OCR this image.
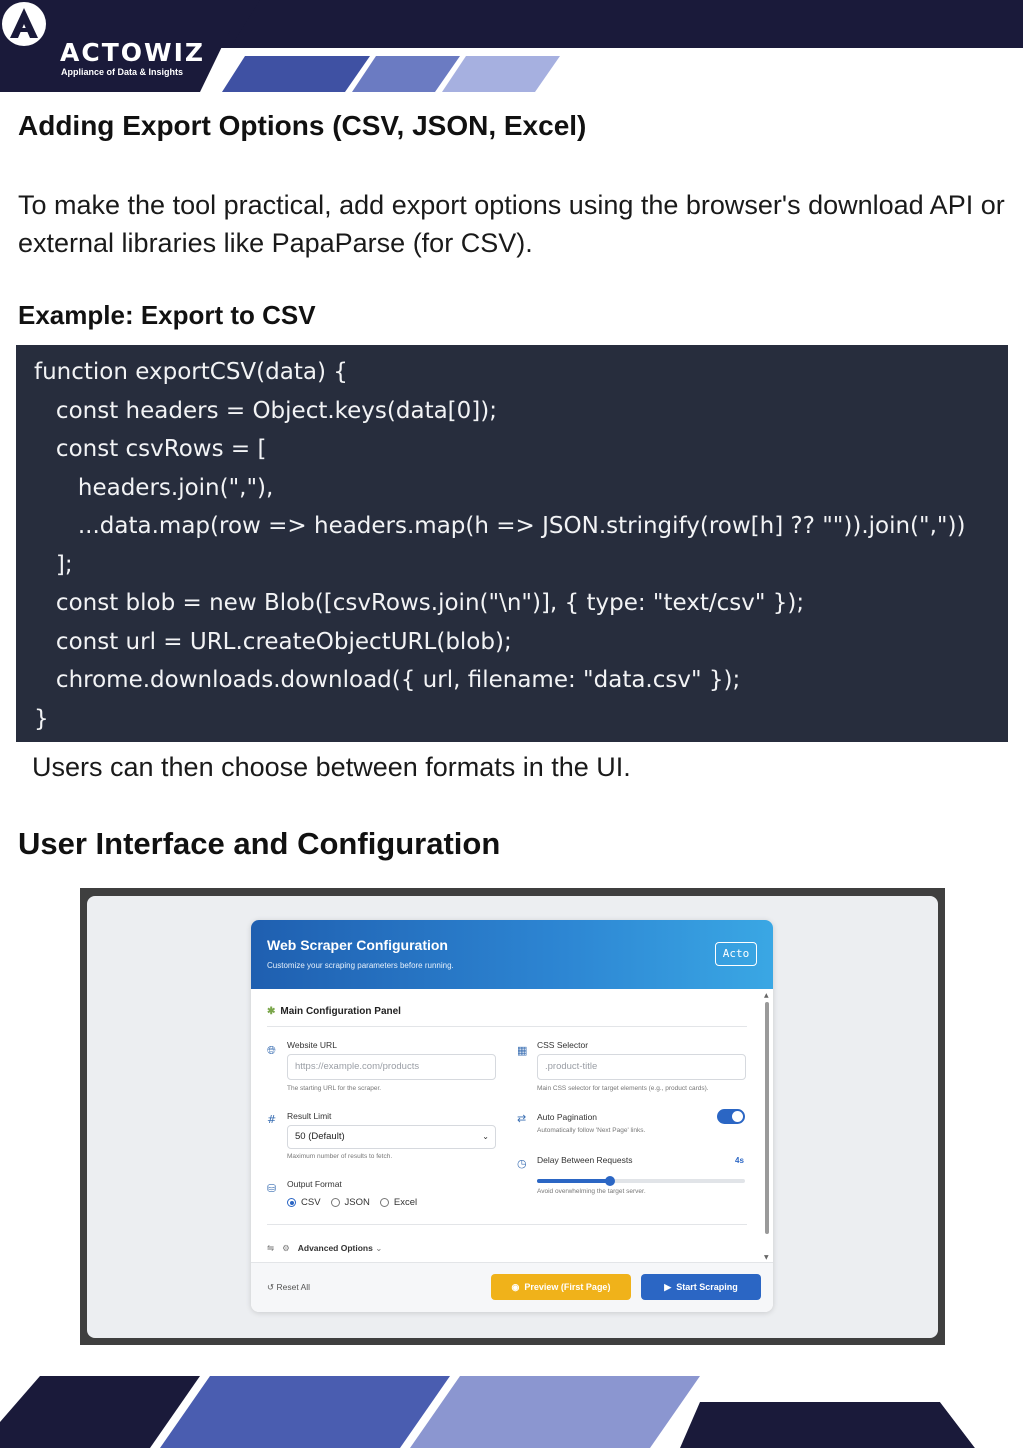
ACTOWIZ
Appliance of Data & Insights
Adding Export Options (CSV, JSON, Excel)
To make the tool practical, add export options using the browser's download API or external libraries like PapaParse (for CSV).
Example: Export to CSV
function exportCSV(data) {
const headers = Object.keys(data[0]);
const csvRows = [
headers.join(","),
...data.map(row => headers.map(h => JSON.stringify(row[h] ?? "")).join(","))
];
const blob = new Blob([csvRows.join("\n")], { type: "text/csv" });
const url = URL.createObjectURL(blob);
chrome.downloads.download({ url, filename: "data.csv" });
}
Users can then choose between formats in the UI.
User Interface and Configuration
Web Scraper Configuration
Customize your scraping parameters before running.
Acto
▲
▼
✱ Main Configuration Panel
🌐︎ Website URL
https://example.com/products
The starting URL for the scraper.
▦ CSS Selector
.product-title
Main CSS selector for target elements (e.g., product cards).
# Result Limit
50 (Default)	⌄
Maximum number of results to fetch.
⇄ Auto Pagination
Automatically follow 'Next Page' links.
◷ Delay Between Requests	4s
Avoid overwhelming the target server.
⛁ Output Format
CSV	JSON	Excel
⇋ ⚙ Advanced Options ⌄
↺ Reset All	◉ Preview (First Page)	▶ Start Scraping
